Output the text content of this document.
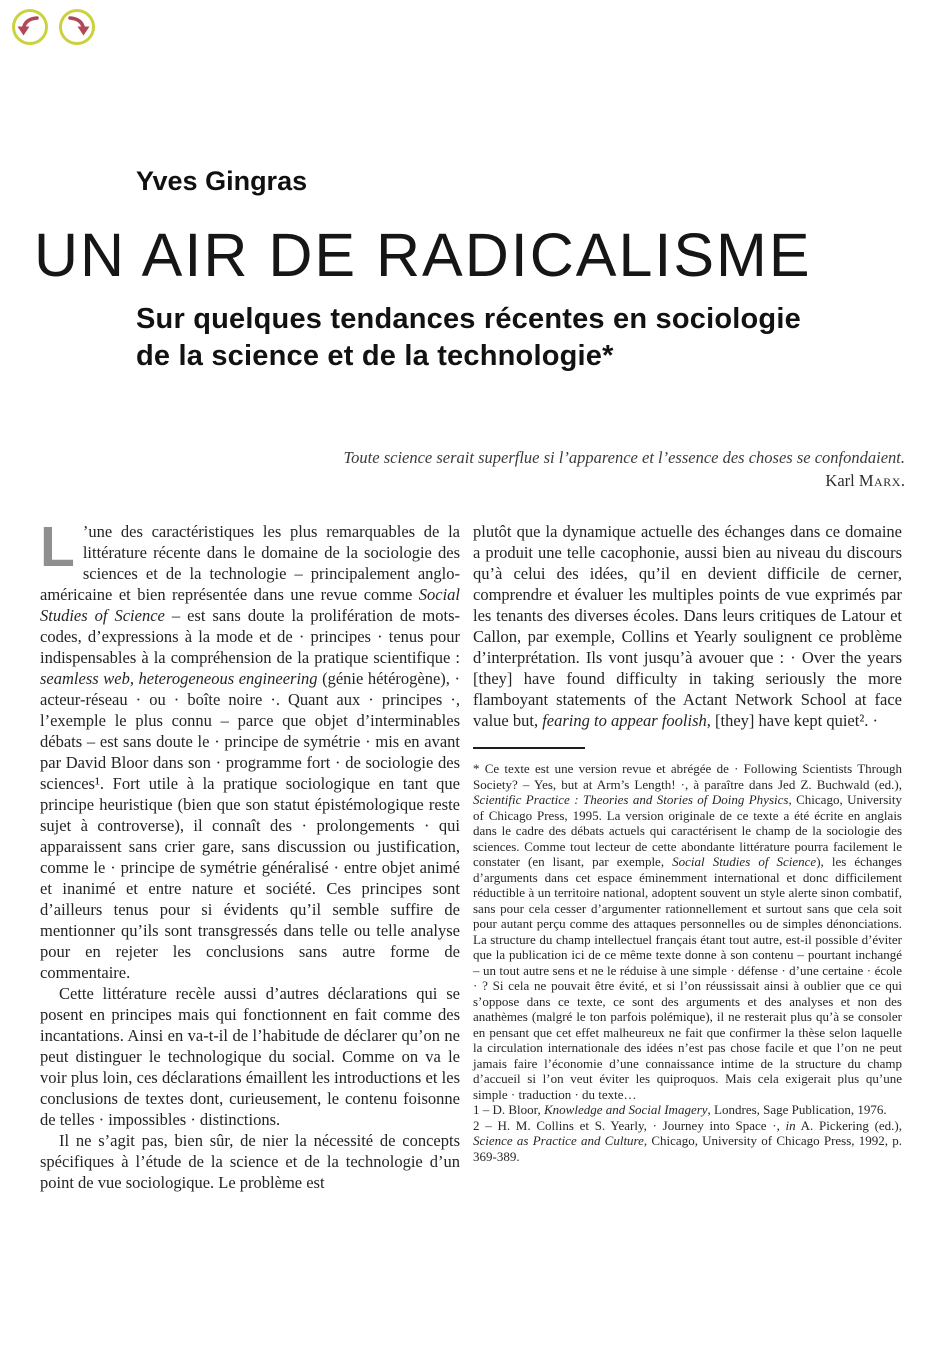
Yves Gingras
UN AIR DE RADICALISME
Sur quelques tendances récentes en sociologie
de la science et de la technologie*
Toute science serait superflue si l’apparence et l’essence des choses se confondaient.
Karl Marx.

L ’une des caractéristiques les plus remarquables de la littérature récente dans le domaine de la sociologie des sciences et de la technologie – principalement anglo-américaine et bien représentée dans une revue comme Social Studies of Science – est sans doute la prolifération de mots-codes, d’expressions à la mode et de · principes · tenus pour indispensables à la compréhension de la pratique scientifique : seamless web, heterogeneous engineering (génie hétérogène), · acteur-réseau · ou · boîte noire ·. Quant aux · principes ·, l’exemple le plus connu – parce que objet d’interminables débats – est sans doute le · principe de symétrie · mis en avant par David Bloor dans son · programme fort · de sociologie des sciences¹. Fort utile à la pratique sociologique en tant que principe heuristique (bien que son statut épistémologique reste sujet à controverse), il connaît des · prolongements · qui apparaissent sans crier gare, sans discussion ou justification, comme le · principe de symétrie généralisé · entre objet animé et inanimé et entre nature et société. Ces principes sont d’ailleurs tenus pour si évidents qu’il semble suffire de mentionner qu’ils sont transgressés dans telle ou telle analyse pour en rejeter les conclusions sans autre forme de commentaire.

Cette littérature recèle aussi d’autres déclarations qui se posent en principes mais qui fonctionnent en fait comme des incantations. Ainsi en va-t-il de l’habitude de déclarer qu’on ne peut distinguer le technologique du social. Comme on va le voir plus loin, ces déclarations émaillent les introductions et les conclusions de textes dont, curieusement, le contenu foisonne de telles · impossibles · distinctions.

Il ne s’agit pas, bien sûr, de nier la nécessité de concepts spécifiques à l’étude de la science et de la technologie d’un point de vue sociologique. Le problème est

plutôt que la dynamique actuelle des échanges dans ce domaine a produit une telle cacophonie, aussi bien au niveau du discours qu’à celui des idées, qu’il en devient difficile de cerner, comprendre et évaluer les multiples points de vue exprimés par les tenants des diverses écoles. Dans leurs critiques de Latour et Callon, par exemple, Collins et Yearly soulignent ce problème d’interprétation. Ils vont jusqu’à avouer que : · Over the years [they] have found difficulty in taking seriously the more flamboyant statements of the Actant Network School at face value but, fearing to appear foolish, [they] have kept quiet². ·

* Ce texte est une version revue et abrégée de · Following Scientists Through Society? – Yes, but at Arm’s Length! ·, à paraître dans Jed Z. Buchwald (ed.), Scientific Practice : Theories and Stories of Doing Physics, Chicago, University of Chicago Press, 1995. La version originale de ce texte a été écrite en anglais dans le cadre des débats actuels qui caractérisent le champ de la sociologie des sciences. Comme tout lecteur de cette abondante littérature pourra facilement le constater (en lisant, par exemple, Social Studies of Science), les échanges d’arguments dans cet espace éminemment international et donc difficilement réductible à un territoire national, adoptent souvent un style alerte sinon combatif, sans pour cela cesser d’argumenter rationnellement et surtout sans que cela soit pour autant perçu comme des attaques personnelles ou de simples dénonciations. La structure du champ intellectuel français étant tout autre, est-il possible d’éviter que la publication ici de ce même texte donne à son contenu – pourtant inchangé – un tout autre sens et ne le réduise à une simple · défense · d’une certaine · école · ? Si cela ne pouvait être évité, et si l’on réussissait ainsi à oublier que ce qui s’oppose dans ce texte, ce sont des arguments et des analyses et non des anathèmes (malgré le ton parfois polémique), il ne resterait plus qu’à se consoler en pensant que cet effet malheureux ne fait que confirmer la thèse selon laquelle la circulation internationale des idées n’est pas chose facile et que l’on ne peut jamais faire l’économie d’une connaissance intime de la structure du champ d’accueil si l’on veut éviter les quiproquos. Mais cela exigerait plus qu’une simple · traduction · du texte…

1 – D. Bloor, Knowledge and Social Imagery, Londres, Sage Publication, 1976.

2 – H. M. Collins et S. Yearly, · Journey into Space ·, in A. Pickering (ed.), Science as Practice and Culture, Chicago, University of Chicago Press, 1992, p. 369-389.
